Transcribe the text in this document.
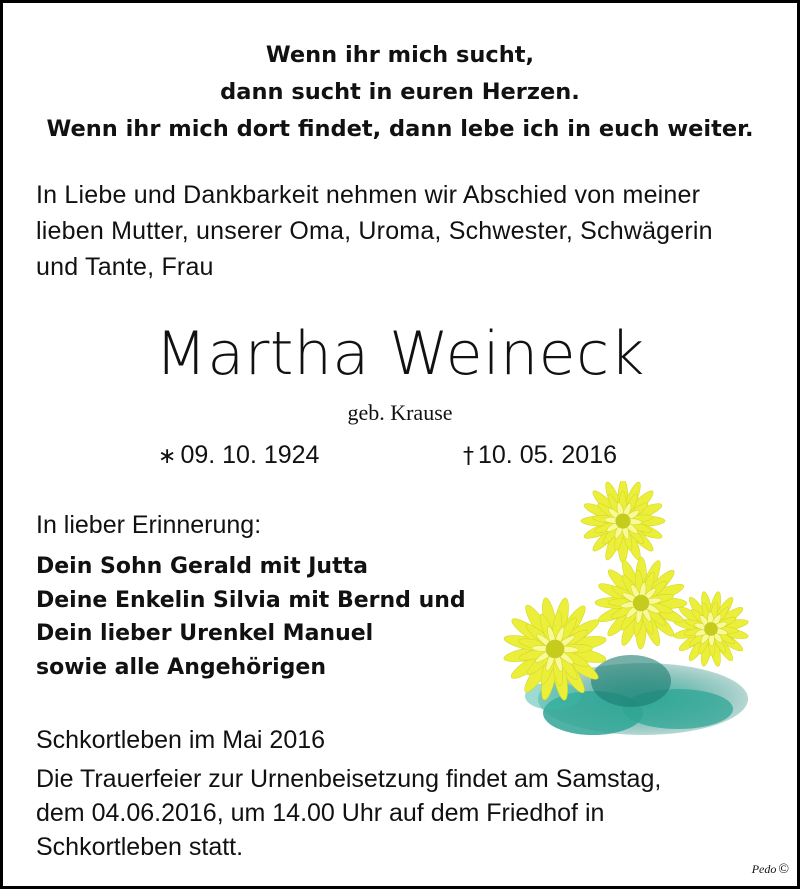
Wenn ihr mich sucht,
dann sucht in euren Herzen.
Wenn ihr mich dort findet, dann lebe ich in euch weiter.
In Liebe und Dankbarkeit nehmen wir Abschied von meiner
lieben Mutter, unserer Oma, Uroma, Schwester, Schwägerin
und Tante, Frau
Martha Weineck
geb. Krause
∗ 09. 10. 1924	† 10. 05. 2016
In lieber Erinnerung:
Dein Sohn Gerald mit Jutta
Deine Enkelin Silvia mit Bernd und
Dein lieber Urenkel Manuel
sowie alle Angehörigen
Schkortleben im Mai 2016
Die Trauerfeier zur Urnenbeisetzung findet am Samstag,
dem 04.06.2016, um 14.00 Uhr auf dem Friedhof in
Schkortleben statt.
Pedo ©
